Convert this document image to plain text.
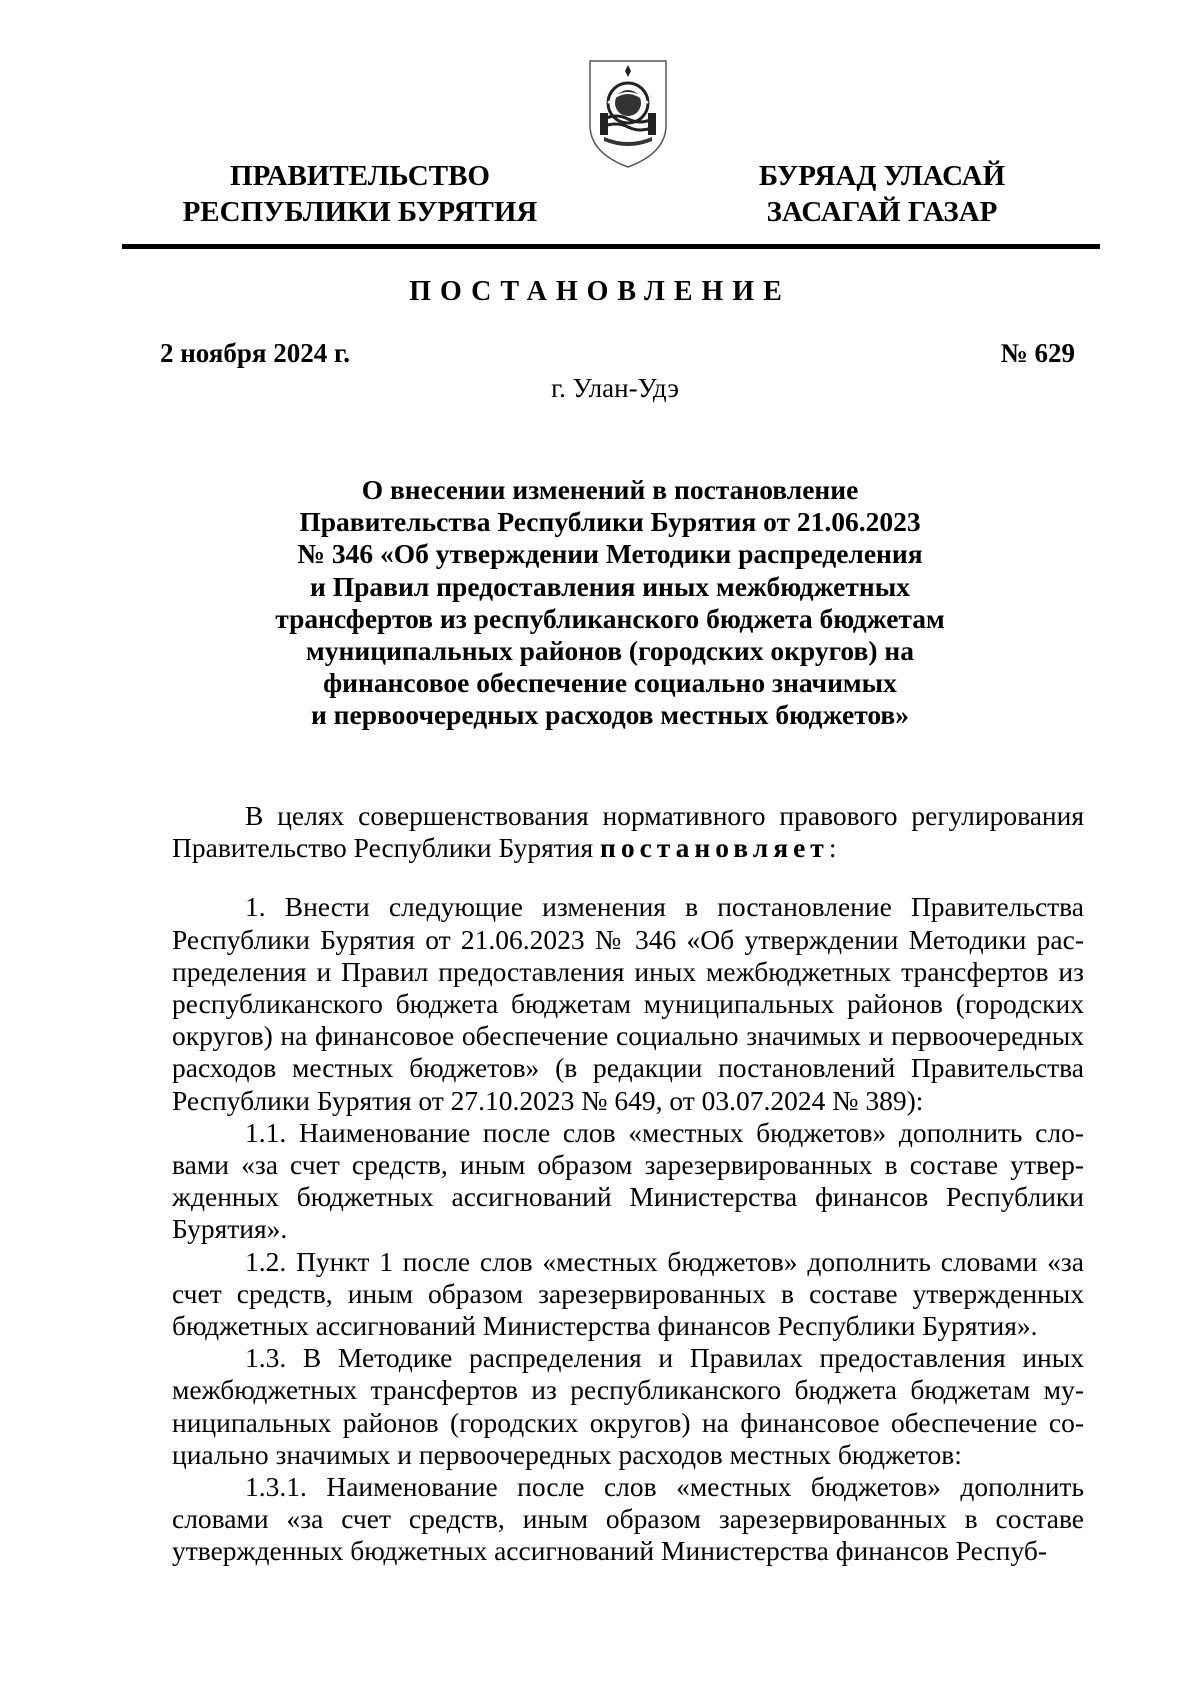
ПРАВИТЕЛЬСТВО
РЕСПУБЛИКИ БУРЯТИЯ
БУРЯАД УЛАСАЙ
ЗАСАГАЙ ГАЗАР
ПОСТАНОВЛЕНИЕ
2 ноября 2024 г.	№ 629
г. Улан-Удэ
О внесении изменений в постановление
Правительства Республики Бурятия от 21.06.2023
№ 346 «Об утверждении Методики распределения
и Правил предоставления иных межбюджетных
трансфертов из республиканского бюджета бюджетам
муниципальных районов (городских округов) на
финансовое обеспечение социально значимых
и первоочередных расходов местных бюджетов»

В целях совершенствования нормативного правового регулирования Правительство Республики Бурятия постановляет:

1. Внести следующие изменения в постановление Правительства Республики Бурятия от 21.06.2023 № 346 «Об утверждении Методики распределения и Правил предоставления иных межбюджетных трансфертов из республиканского бюджета бюджетам муниципальных районов (городских округов) на финансовое обеспечение социально значимых и первоочередных расходов местных бюджетов» (в редакции постановлений Правительства Республики Бурятия от 27.10.2023 № 649, от 03.07.2024 № 389):

1.1. Наименование после слов «местных бюджетов» дополнить словами «за счет средств, иным образом зарезервированных в составе утвержденных бюджетных ассигнований Министерства финансов Республики Бурятия».

1.2. Пункт 1 после слов «местных бюджетов» дополнить словами «за счет средств, иным образом зарезервированных в составе утвержденных бюджетных ассигнований Министерства финансов Республики Бурятия».

1.3. В Методике распределения и Правилах предоставления иных межбюджетных трансфертов из республиканского бюджета бюджетам муниципальных районов (городских округов) на финансовое обеспечение социально значимых и первоочередных расходов местных бюджетов:

1.3.1. Наименование после слов «местных бюджетов» дополнить словами «за счет средств, иным образом зарезервированных в составе утвержденных бюджетных ассигнований Министерства финансов Респуб-
